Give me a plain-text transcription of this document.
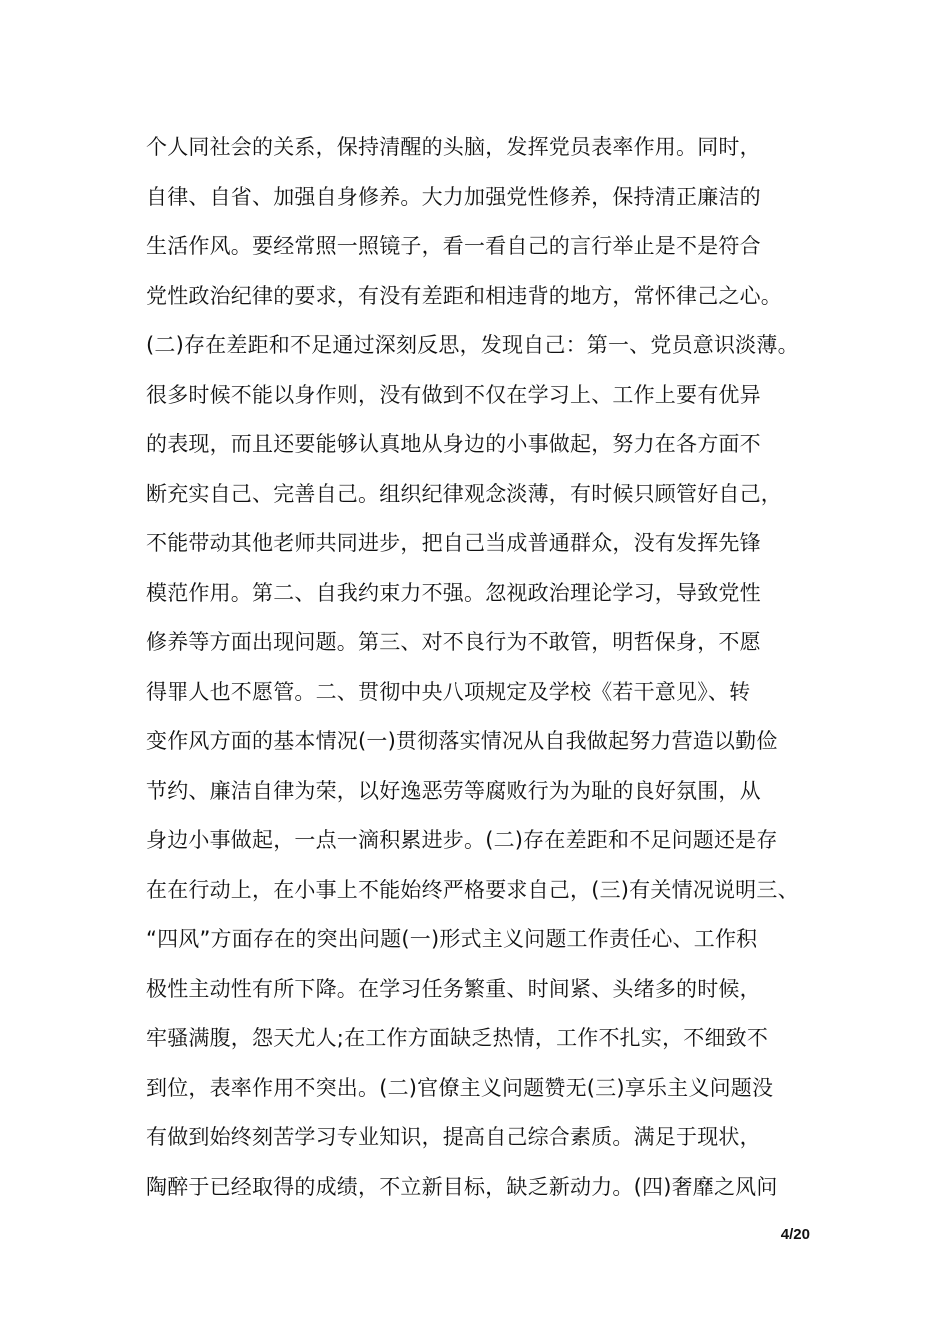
个人同社会的关系，保持清醒的头脑，发挥党员表率作用。同时，
自律、自省、加强自身修养。大力加强党性修养，保持清正廉洁的
生活作风。要经常照一照镜子，看一看自己的言行举止是不是符合
党性政治纪律的要求，有没有差距和相违背的地方，常怀律己之心。
(二)存在差距和不足通过深刻反思，发现自己：第一、党员意识淡薄。
很多时候不能以身作则，没有做到不仅在学习上、工作上要有优异
的表现，而且还要能够认真地从身边的小事做起，努力在各方面不
断充实自己、完善自己。组织纪律观念淡薄，有时候只顾管好自己，
不能带动其他老师共同进步，把自己当成普通群众，没有发挥先锋
模范作用。第二、自我约束力不强。忽视政治理论学习，导致党性
修养等方面出现问题。第三、对不良行为不敢管，明哲保身，不愿
得罪人也不愿管。二、贯彻中央八项规定及学校《若干意见》、转
变作风方面的基本情况(一)贯彻落实情况从自我做起努力营造以勤俭
节约、廉洁自律为荣，以好逸恶劳等腐败行为为耻的良好氛围，从
身边小事做起，一点一滴积累进步。(二)存在差距和不足问题还是存
在在行动上，在小事上不能始终严格要求自己，(三)有关情况说明三、
“四风”方面存在的突出问题(一)形式主义问题工作责任心、工作积
极性主动性有所下降。在学习任务繁重、时间紧、头绪多的时候，
牢骚满腹，怨天尤人;在工作方面缺乏热情，工作不扎实，不细致不
到位，表率作用不突出。(二)官僚主义问题赞无(三)享乐主义问题没
有做到始终刻苦学习专业知识，提高自己综合素质。满足于现状，
陶醉于已经取得的成绩，不立新目标，缺乏新动力。(四)奢靡之风问
4/20
